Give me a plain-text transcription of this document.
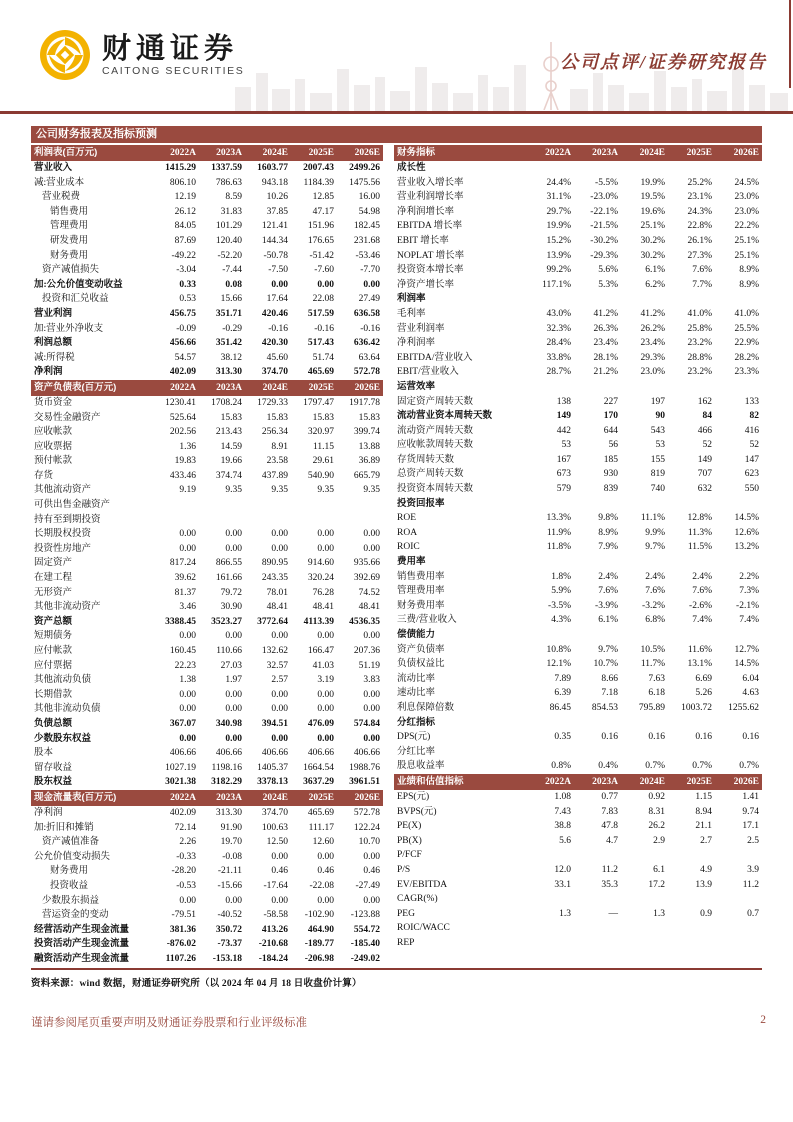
财通证券
CAITONG SECURITIES	公司点评/证券研究报告
公司财务报表及指标预测
利润表(百万元)	2022A	2023A	2024E	2025E	2026E
营业收入	1415.29	1337.59	1603.77	2007.43	2499.26
减:营业成本	806.10	786.63	943.18	1184.39	1475.56
营业税费	12.19	8.59	10.26	12.85	16.00
销售费用	26.12	31.83	37.85	47.17	54.98
管理费用	84.05	101.29	121.41	151.96	182.45
研发费用	87.69	120.40	144.34	176.65	231.68
财务费用	-49.22	-52.20	-50.78	-51.42	-53.46
资产减值损失	-3.04	-7.44	-7.50	-7.60	-7.70
加:公允价值变动收益	0.33	0.08	0.00	0.00	0.00
投资和汇兑收益	0.53	15.66	17.64	22.08	27.49
营业利润	456.75	351.71	420.46	517.59	636.58
加:营业外净收支	-0.09	-0.29	-0.16	-0.16	-0.16
利润总额	456.66	351.42	420.30	517.43	636.42
减:所得税	54.57	38.12	45.60	51.74	63.64
净利润	402.09	313.30	374.70	465.69	572.78
资产负债表(百万元)	2022A	2023A	2024E	2025E	2026E
货币资金	1230.41	1708.24	1729.33	1797.47	1917.78
交易性金融资产	525.64	15.83	15.83	15.83	15.83
应收帐款	202.56	213.43	256.34	320.97	399.74
应收票据	1.36	14.59	8.91	11.15	13.88
预付帐款	19.83	19.66	23.58	29.61	36.89
存货	433.46	374.74	437.89	540.90	665.79
其他流动资产	9.19	9.35	9.35	9.35	9.35
可供出售金融资产
持有至到期投资
长期股权投资	0.00	0.00	0.00	0.00	0.00
投资性房地产	0.00	0.00	0.00	0.00	0.00
固定资产	817.24	866.55	890.95	914.60	935.66
在建工程	39.62	161.66	243.35	320.24	392.69
无形资产	81.37	79.72	78.01	76.28	74.52
其他非流动资产	3.46	30.90	48.41	48.41	48.41
资产总额	3388.45	3523.27	3772.64	4113.39	4536.35
短期债务	0.00	0.00	0.00	0.00	0.00
应付帐款	160.45	110.66	132.62	166.47	207.36
应付票据	22.23	27.03	32.57	41.03	51.19
其他流动负债	1.38	1.97	2.57	3.19	3.83
长期借款	0.00	0.00	0.00	0.00	0.00
其他非流动负债	0.00	0.00	0.00	0.00	0.00
负债总额	367.07	340.98	394.51	476.09	574.84
少数股东权益	0.00	0.00	0.00	0.00	0.00
股本	406.66	406.66	406.66	406.66	406.66
留存收益	1027.19	1198.16	1405.37	1664.54	1988.76
股东权益	3021.38	3182.29	3378.13	3637.29	3961.51
现金流量表(百万元)	2022A	2023A	2024E	2025E	2026E
净利润	402.09	313.30	374.70	465.69	572.78
加:折旧和摊销	72.14	91.90	100.63	111.17	122.24
资产减值准备	2.26	19.70	12.50	12.60	10.70
公允价值变动损失	-0.33	-0.08	0.00	0.00	0.00
财务费用	-28.20	-21.11	0.46	0.46	0.46
投资收益	-0.53	-15.66	-17.64	-22.08	-27.49
少数股东损益	0.00	0.00	0.00	0.00	0.00
营运资金的变动	-79.51	-40.52	-58.58	-102.90	-123.88
经营活动产生现金流量	381.36	350.72	413.26	464.90	554.72
投资活动产生现金流量	-876.02	-73.37	-210.68	-189.77	-185.40
融资活动产生现金流量	1107.26	-153.18	-184.24	-206.98	-249.02
财务指标	2022A	2023A	2024E	2025E	2026E
成长性
营业收入增长率	24.4%	-5.5%	19.9%	25.2%	24.5%
营业利润增长率	31.1%	-23.0%	19.5%	23.1%	23.0%
净利润增长率	29.7%	-22.1%	19.6%	24.3%	23.0%
EBITDA 增长率	19.9%	-21.5%	25.1%	22.8%	22.2%
EBIT 增长率	15.2%	-30.2%	30.2%	26.1%	25.1%
NOPLAT 增长率	13.9%	-29.3%	30.2%	27.3%	25.1%
投资资本增长率	99.2%	5.6%	6.1%	7.6%	8.9%
净资产增长率	117.1%	5.3%	6.2%	7.7%	8.9%
利润率
毛利率	43.0%	41.2%	41.2%	41.0%	41.0%
营业利润率	32.3%	26.3%	26.2%	25.8%	25.5%
净利润率	28.4%	23.4%	23.4%	23.2%	22.9%
EBITDA/营业收入	33.8%	28.1%	29.3%	28.8%	28.2%
EBIT/营业收入	28.7%	21.2%	23.0%	23.2%	23.3%
运营效率
固定资产周转天数	138	227	197	162	133
流动营业资本周转天数	149	170	90	84	82
流动资产周转天数	442	644	543	466	416
应收帐款周转天数	53	56	53	52	52
存货周转天数	167	185	155	149	147
总资产周转天数	673	930	819	707	623
投资资本周转天数	579	839	740	632	550
投资回报率
ROE	13.3%	9.8%	11.1%	12.8%	14.5%
ROA	11.9%	8.9%	9.9%	11.3%	12.6%
ROIC	11.8%	7.9%	9.7%	11.5%	13.2%
费用率
销售费用率	1.8%	2.4%	2.4%	2.4%	2.2%
管理费用率	5.9%	7.6%	7.6%	7.6%	7.3%
财务费用率	-3.5%	-3.9%	-3.2%	-2.6%	-2.1%
三费/营业收入	4.3%	6.1%	6.8%	7.4%	7.4%
偿债能力
资产负债率	10.8%	9.7%	10.5%	11.6%	12.7%
负债权益比	12.1%	10.7%	11.7%	13.1%	14.5%
流动比率	7.89	8.66	7.63	6.69	6.04
速动比率	6.39	7.18	6.18	5.26	4.63
利息保障倍数	86.45	854.53	795.89	1003.72	1255.62
分红指标
DPS(元)	0.35	0.16	0.16	0.16	0.16
分红比率
股息收益率	0.8%	0.4%	0.7%	0.7%	0.7%
业绩和估值指标	2022A	2023A	2024E	2025E	2026E
EPS(元)	1.08	0.77	0.92	1.15	1.41
BVPS(元)	7.43	7.83	8.31	8.94	9.74
PE(X)	38.8	47.8	26.2	21.1	17.1
PB(X)	5.6	4.7	2.9	2.7	2.5
P/FCF
P/S	12.0	11.2	6.1	4.9	3.9
EV/EBITDA	33.1	35.3	17.2	13.9	11.2
CAGR(%)
PEG	1.3	—	1.3	0.9	0.7
ROIC/WACC
REP
资料来源：wind 数据，财通证券研究所（以 2024 年 04 月 18 日收盘价计算）
谨请参阅尾页重要声明及财通证券股票和行业评级标准	2
